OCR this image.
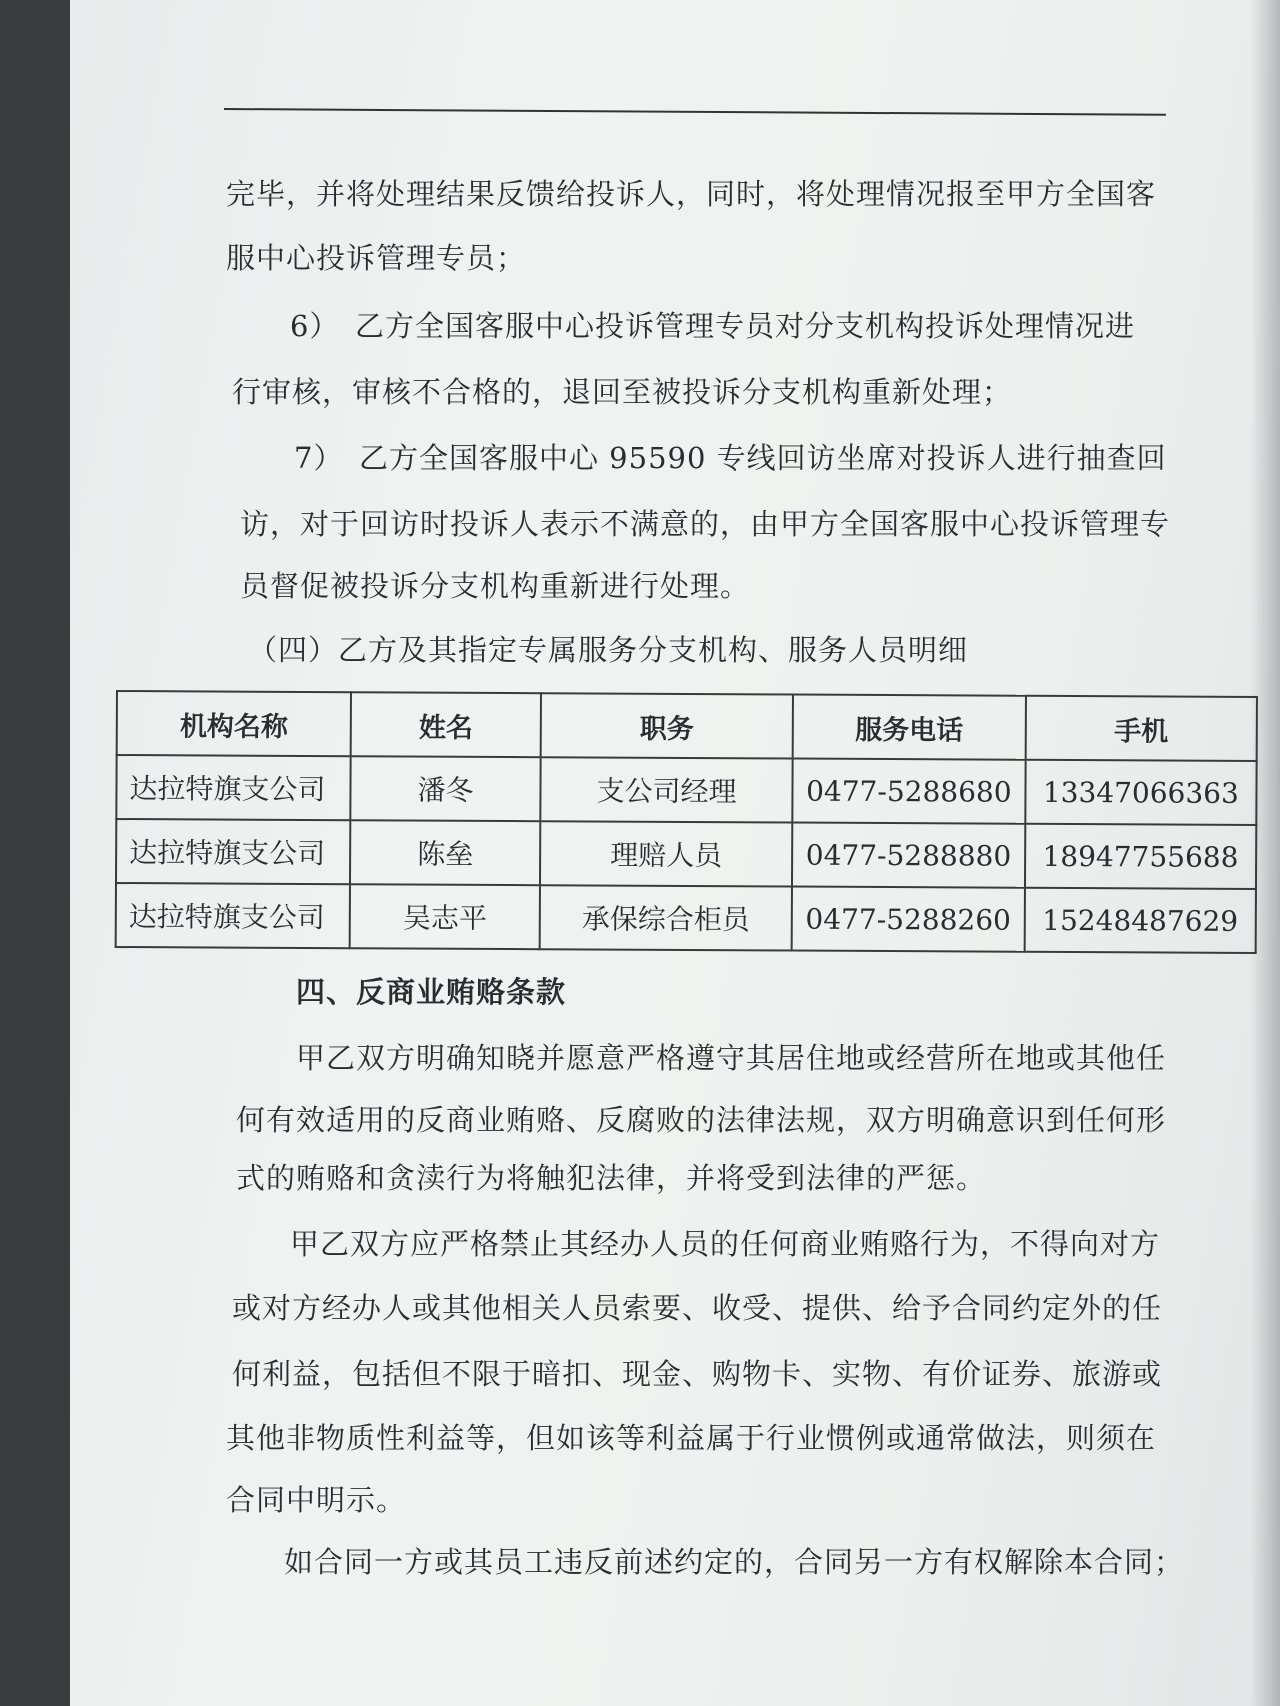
完毕，并将处理结果反馈给投诉人，同时，将处理情况报至甲方全国客
服中心投诉管理专员；
6）　乙方全国客服中心投诉管理专员对分支机构投诉处理情况进
行审核，审核不合格的，退回至被投诉分支机构重新处理；
7）　乙方全国客服中心 95590 专线回访坐席对投诉人进行抽查回
访，对于回访时投诉人表示不满意的，由甲方全国客服中心投诉管理专
员督促被投诉分支机构重新进行处理。
（四）乙方及其指定专属服务分支机构、服务人员明细
机构名称	姓名	职务	服务电话	手机
达拉特旗支公司	潘冬	支公司经理	0477-5288680	13347066363
达拉特旗支公司	陈垒	理赔人员	0477-5288880	18947755688
达拉特旗支公司	吴志平	承保综合柜员	0477-5288260	15248487629
四、反商业贿赂条款
甲乙双方明确知晓并愿意严格遵守其居住地或经营所在地或其他任
何有效适用的反商业贿赂、反腐败的法律法规，双方明确意识到任何形
式的贿赂和贪渎行为将触犯法律，并将受到法律的严惩。
甲乙双方应严格禁止其经办人员的任何商业贿赂行为，不得向对方
或对方经办人或其他相关人员索要、收受、提供、给予合同约定外的任
何利益，包括但不限于暗扣、现金、购物卡、实物、有价证券、旅游或
其他非物质性利益等，但如该等利益属于行业惯例或通常做法，则须在
合同中明示。
如合同一方或其员工违反前述约定的，合同另一方有权解除本合同；
